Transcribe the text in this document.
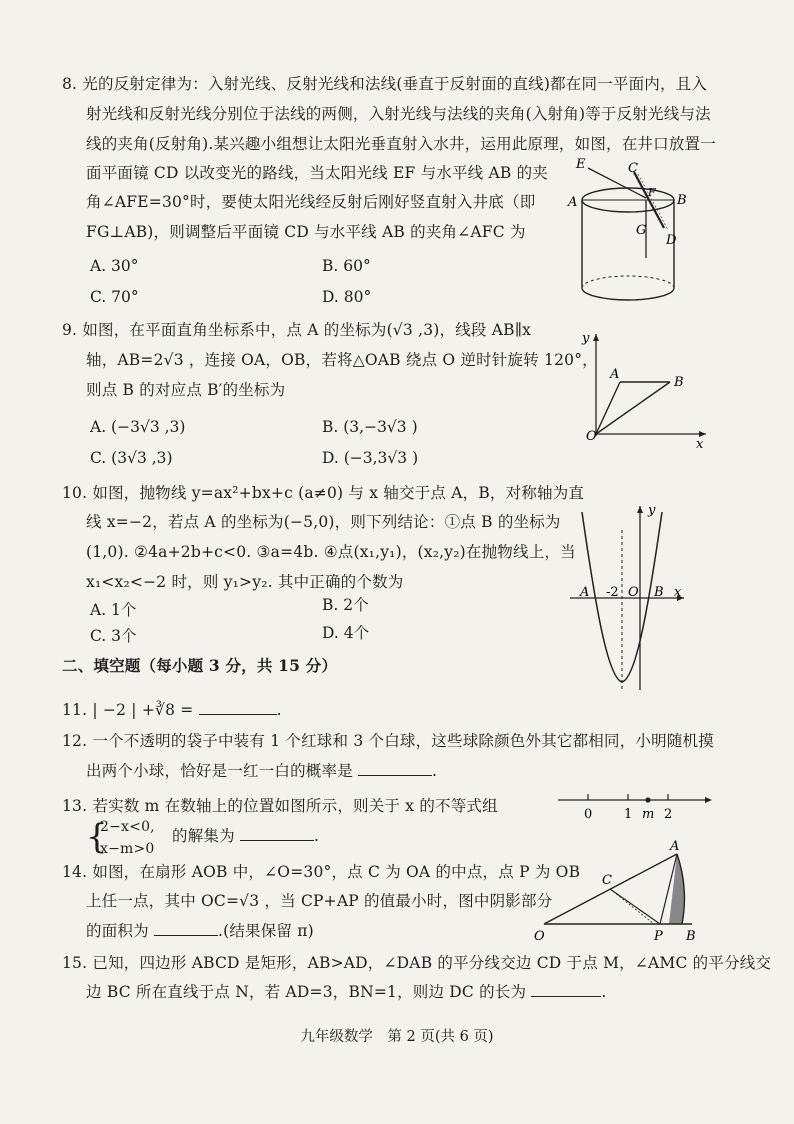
8. 光的反射定律为：入射光线、反射光线和法线(垂直于反射面的直线)都在同一平面内，且入
射光线和反射光线分别位于法线的两侧，入射光线与法线的夹角(入射角)等于反射光线与法
线的夹角(反射角).某兴趣小组想让太阳光垂直射入水井，运用此原理，如图，在井口放置一
面平面镜 CD 以改变光的路线，当太阳光线 EF 与水平线 AB 的夹
角∠AFE=30°时，要使太阳光线经反射后刚好竖直射入井底（即
FG⊥AB)，则调整后平面镜 CD 与水平线 AB 的夹角∠AFC 为
A. 30°	B. 60°
C. 70°	D. 80°
E	C
A
F
B
G
D
9. 如图，在平面直角坐标系中，点 A 的坐标为(√3 ,3)，线段 AB∥x
轴，AB=2√3 ，连接 OA，OB，若将△OAB 绕点 O 逆时针旋转 120°，
则点 B 的对应点 B′的坐标为
A. (−3√3 ,3)	B. (3,−3√3 )
C. (3√3 ,3)	D. (−3,3√3 )
y
A
B
O
x
10. 如图，抛物线 y=ax²+bx+c (a≠0) 与 x 轴交于点 A，B，对称轴为直
线 x=−2，若点 A 的坐标为(−5,0)，则下列结论：①点 B 的坐标为
(1,0). ②4a+2b+c<0. ③a=4b. ④点(x₁,y₁)，(x₂,y₂)在抛物线上，当
x₁<x₂<−2 时，则 y₁>y₂. 其中正确的个数为
A. 1个	B. 2个
C. 3个	D. 4个
y
A -2 O B x
二、填空题（每小题 3 分，共 15 分）
11. | −2 | +∛8 =	.
12. 一个不透明的袋子中装有 1 个红球和 3 个白球，这些球除颜色外其它都相同，小明随机摸
出两个小球，恰好是一红一白的概率是	.
13. 若实数 m 在数轴上的位置如图所示，则关于 x 的不等式组
{
2−x<0,
x−m>0
的解集为	.
0 1 m 2
14. 如图，在扇形 AOB 中，∠O=30°，点 C 为 OA 的中点，点 P 为 OB
上任一点，其中 OC=√3 ，当 CP+AP 的值最小时，图中阴影部分
的面积为	.(结果保留 π)
A
C
O	P B
15. 已知，四边形 ABCD 是矩形，AB>AD，∠DAB 的平分线交边 CD 于点 M，∠AMC 的平分线交
边 BC 所在直线于点 N，若 AD=3，BN=1，则边 DC 的长为	.
九年级数学　第 2 页(共 6 页)
